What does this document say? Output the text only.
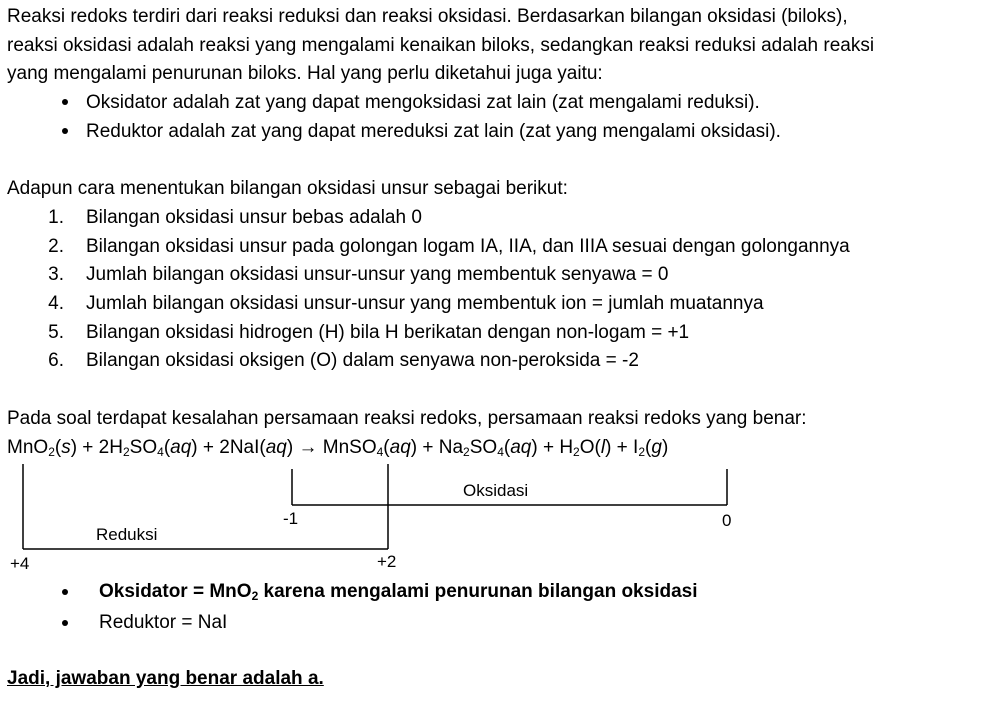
Reaksi redoks terdiri dari reaksi reduksi dan reaksi oksidasi. Berdasarkan bilangan oksidasi (biloks),
reaksi oksidasi adalah reaksi yang mengalami kenaikan biloks, sedangkan reaksi reduksi adalah reaksi
yang mengalami penurunan biloks. Hal yang perlu diketahui juga yaitu:
Oksidator adalah zat yang dapat mengoksidasi zat lain (zat mengalami reduksi).
Reduktor adalah zat yang dapat mereduksi zat lain (zat yang mengalami oksidasi).
Adapun cara menentukan bilangan oksidasi unsur sebagai berikut:
1. Bilangan oksidasi unsur bebas adalah 0
2. Bilangan oksidasi unsur pada golongan logam IA, IIA, dan IIIA sesuai dengan golongannya
3. Jumlah bilangan oksidasi unsur-unsur yang membentuk senyawa = 0
4. Jumlah bilangan oksidasi unsur-unsur yang membentuk ion = jumlah muatannya
5. Bilangan oksidasi hidrogen (H) bila H berikatan dengan non-logam = +1
6. Bilangan oksidasi oksigen (O) dalam senyawa non-peroksida = -2
Pada soal terdapat kesalahan persamaan reaksi redoks, persamaan reaksi redoks yang benar:
$MnO_2(s) + 2H_2SO_4(aq) + 2NaI(aq)$ → MnSO$_4$(aq) + $Na_2SO_4(aq) + H_2O(l) + I_2(g)$
Oksidasi
Reduksi
-1	0
+4	+2
Oksidator = MnO$_2$ karena mengalami penurunan bilangan oksidasi
Reduktor = NaI
Jadi, jawaban yang benar adalah a.
